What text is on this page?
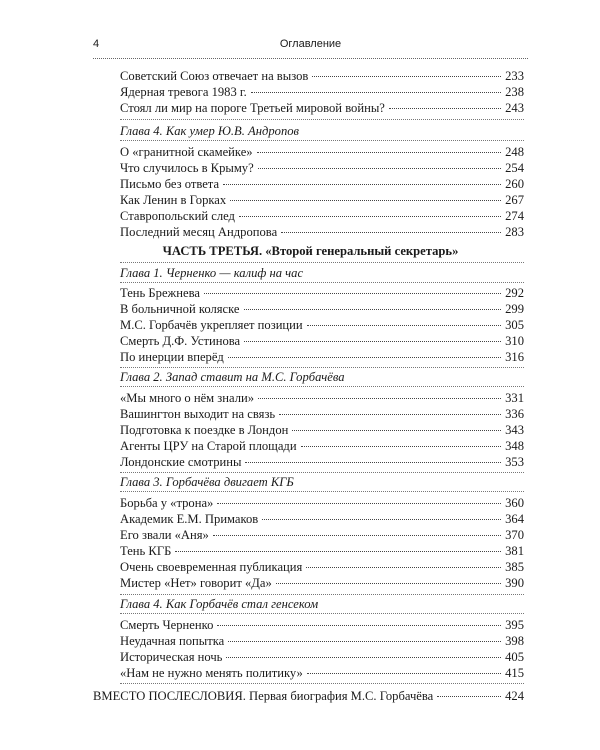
4	Оглавление
Советский Союз отвечает на вызов	233
Ядерная тревога 1983 г.	238
Стоял ли мир на пороге Третьей мировой войны?	243
Глава 4. Как умер Ю.В. Андропов
О «гранитной скамейке»	248
Что случилось в Крыму?	254
Письмо без ответа	260
Как Ленин в Горках	267
Ставропольский след	274
Последний месяц Андропова	283
ЧАСТЬ ТРЕТЬЯ. «Второй генеральный секретарь»
Глава 1. Черненко — калиф на час
Тень Брежнева	292
В больничной коляске	299
М.С. Горбачёв укрепляет позиции	305
Смерть Д.Ф. Устинова	310
По инерции вперёд	316
Глава 2. Запад ставит на М.С. Горбачёва
«Мы много о нём знали»	331
Вашингтон выходит на связь	336
Подготовка к поездке в Лондон	343
Агенты ЦРУ на Старой площади	348
Лондонские смотрины	353
Глава 3. Горбачёва двигает КГБ
Борьба у «трона»	360
Академик Е.М. Примаков	364
Его звали «Аня»	370
Тень КГБ	381
Очень своевременная публикация	385
Мистер «Нет» говорит «Да»	390
Глава 4. Как Горбачёв стал генсеком
Смерть Черненко	395
Неудачная попытка	398
Историческая ночь	405
«Нам не нужно менять политику»	415
ВМЕСТО ПОСЛЕСЛОВИЯ. Первая биография М.С. Горбачёва	424
